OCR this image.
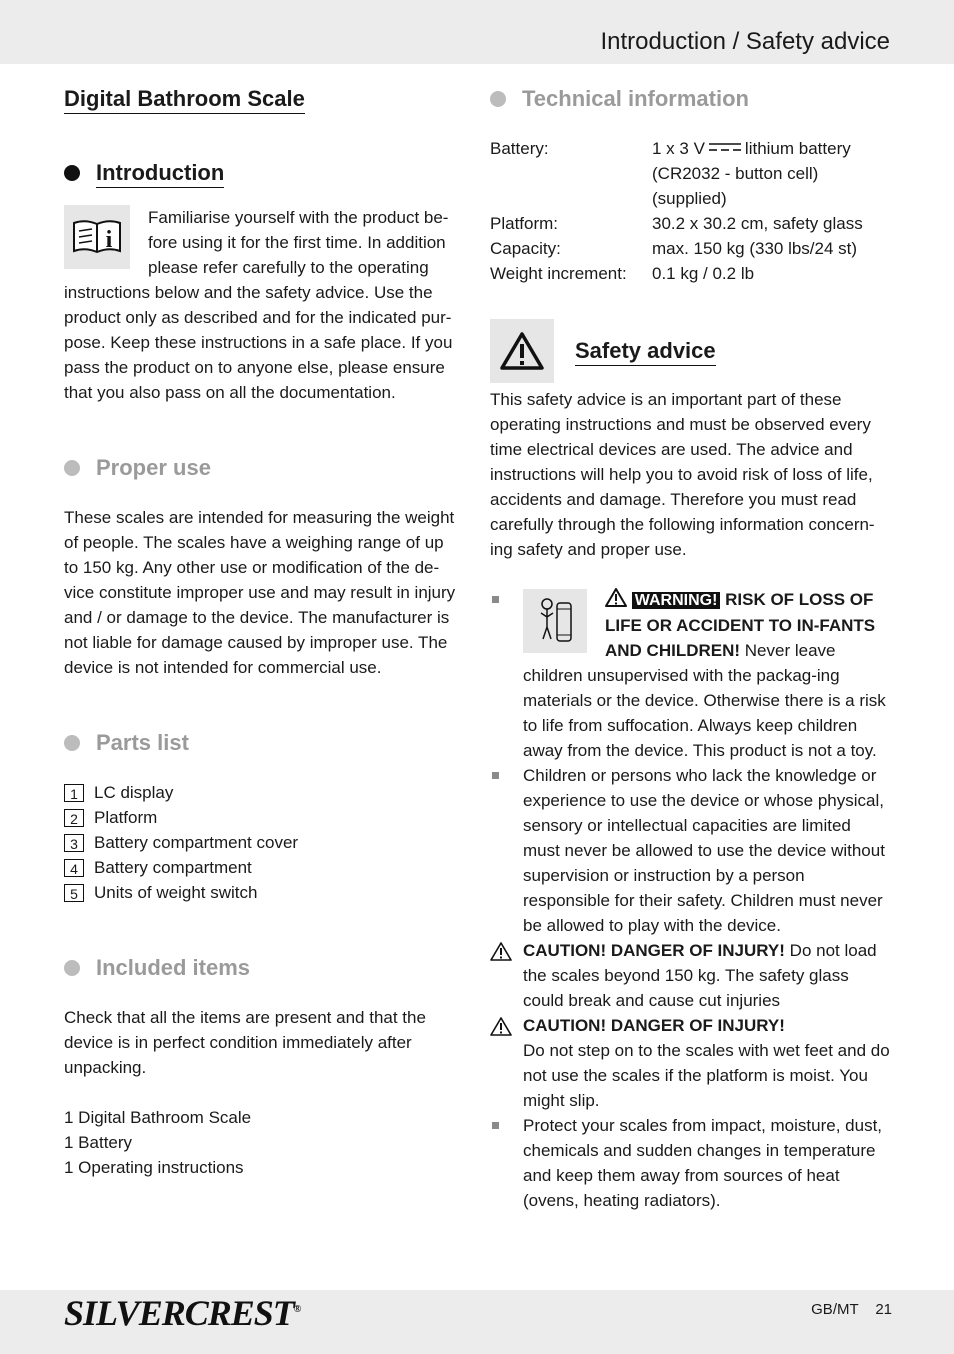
Introduction / Safety advice
Digital Bathroom Scale
Introduction
i

Familiarise yourself with the product be-

fore using it for the first time. In addition

please refer carefully to the operating

instructions below and the safety advice. Use the product only as described and for the indicated pur-pose. Keep these instructions in a safe place. If you pass the product on to anyone else, please ensure that you also pass on all the documentation.

Proper use

These scales are intended for measuring the weight of people. The scales have a weighing range of up to 150 kg. Any other use or modification of the de-vice constitute improper use and may result in injury and / or damage to the device. The manufacturer is not liable for damage caused by improper use. The device is not intended for commercial use.

Parts list
1 LC display
2 Platform
3 Battery compartment cover
4 Battery compartment
5 Units of weight switch
Included items

Check that all the items are present and that the device is in perfect condition immediately after unpacking.

1 Digital Bathroom Scale
1 Battery
1 Operating instructions
Technical information
Battery:	1 x 3 V lithium battery
(CR2032 - button cell)
(supplied)
Platform:	30.2 x 30.2 cm, safety glass
Capacity:	max. 150 kg (330 lbs/24 st)
Weight increment:	0.1 kg / 0.2 lb
Safety advice

This safety advice is an important part of these operating instructions and must be observed every time electrical devices are used. The advice and instructions will help you to avoid risk of loss of life, accidents and damage. Therefore you must read carefully through the following information concern-ing safety and proper use.

WARNING! RISK OF LOSS OF LIFE OR ACCIDENT TO IN-FANTS AND CHILDREN! Never leave children unsupervised with the packag-ing materials or the device. Otherwise there is a risk to life from suffocation. Always keep children away from the device. This product is not a toy.
Children or persons who lack the knowledge or experience to use the device or whose physical, sensory or intellectual capacities are limited must never be allowed to use the device without supervision or instruction by a person responsible for their safety. Children must never be allowed to play with the device.
CAUTION! DANGER OF INJURY! Do not load the scales beyond 150 kg. The safety glass could break and cause cut injuries
CAUTION! DANGER OF INJURY!
Do not step on to the scales with wet feet and do not use the scales if the platform is moist. You might slip.
Protect your scales from impact, moisture, dust, chemicals and sudden changes in temperature and keep them away from sources of heat (ovens, heating radiators).
SILVERCREST®	GB/MT 21
